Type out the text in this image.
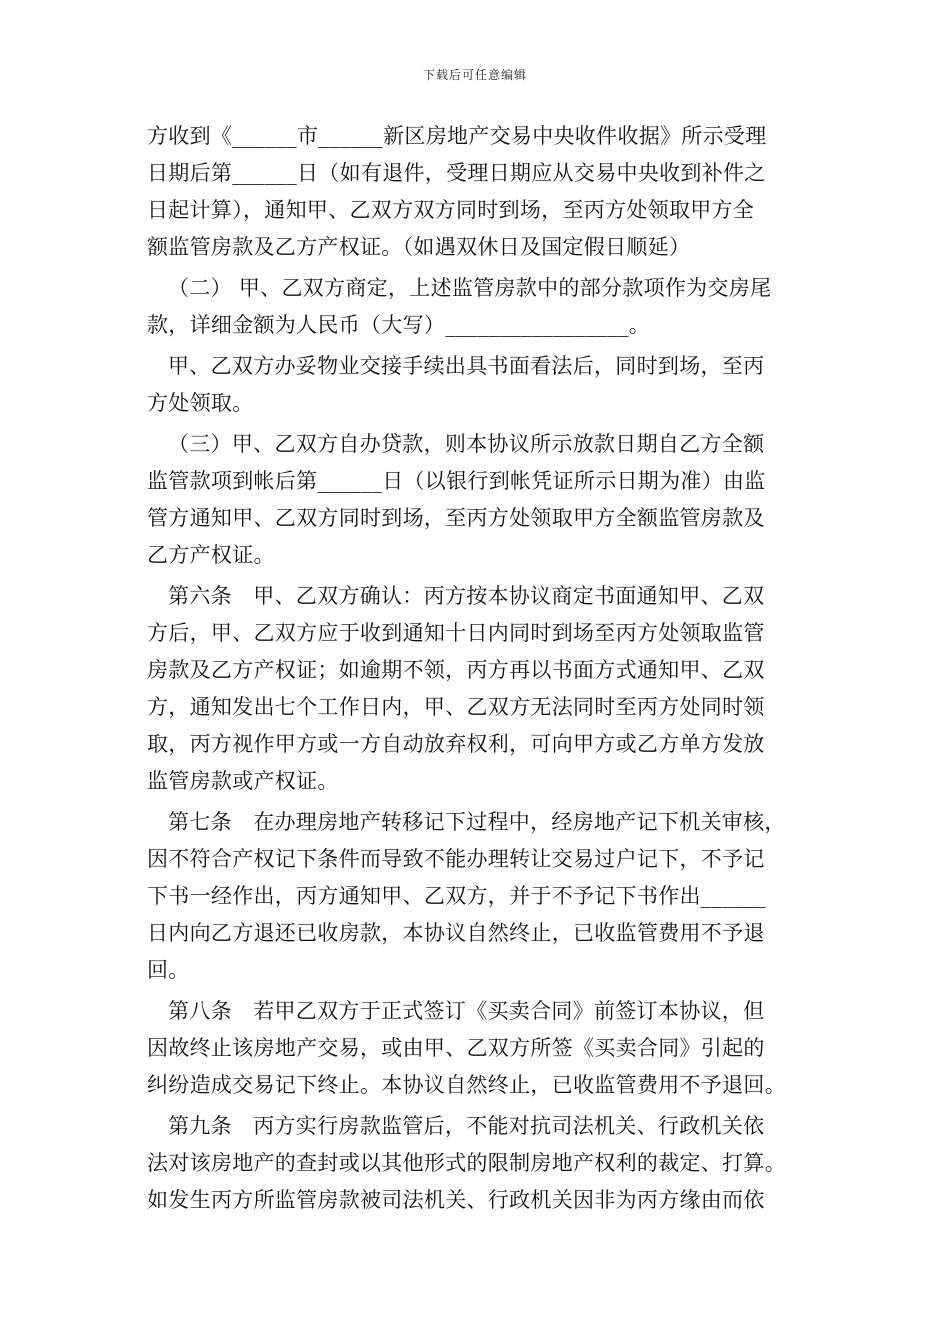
下载后可任意编辑
方收到《______市______新区房地产交易中央收件收据》所示受理
日期后第______日（如有退件，受理日期应从交易中央收到补件之
日起计算），通知甲、乙双方双方同时到场，至丙方处领取甲方全
额监管房款及乙方产权证。（如遇双休日及国定假日顺延）
（二） 甲、乙双方商定，上述监管房款中的部分款项作为交房尾
款，详细金额为人民币（大写）_________________。
甲、乙双方办妥物业交接手续出具书面看法后，同时到场，至丙
方处领取。
（三）甲、乙双方自办贷款，则本协议所示放款日期自乙方全额
监管款项到帐后第______日（以银行到帐凭证所示日期为准）由监
管方通知甲、乙双方同时到场，至丙方处领取甲方全额监管房款及
乙方产权证。
第六条　甲、乙双方确认：丙方按本协议商定书面通知甲、乙双
方后，甲、乙双方应于收到通知十日内同时到场至丙方处领取监管
房款及乙方产权证；如逾期不领，丙方再以书面方式通知甲、乙双
方，通知发出七个工作日内，甲、乙双方无法同时至丙方处同时领
取，丙方视作甲方或一方自动放弃权利，可向甲方或乙方单方发放
监管房款或产权证。
第七条　在办理房地产转移记下过程中，经房地产记下机关审核，
因不符合产权记下条件而导致不能办理转让交易过户记下，不予记
下书一经作出，丙方通知甲、乙双方，并于不予记下书作出______
日内向乙方退还已收房款，本协议自然终止，已收监管费用不予退
回。
第八条　若甲乙双方于正式签订《买卖合同》前签订本协议，但
因故终止该房地产交易，或由甲、乙双方所签《买卖合同》引起的
纠纷造成交易记下终止。本协议自然终止，已收监管费用不予退回。
第九条　丙方实行房款监管后，不能对抗司法机关、行政机关依
法对该房地产的查封或以其他形式的限制房地产权利的裁定、打算。
如发生丙方所监管房款被司法机关、行政机关因非为丙方缘由而依
